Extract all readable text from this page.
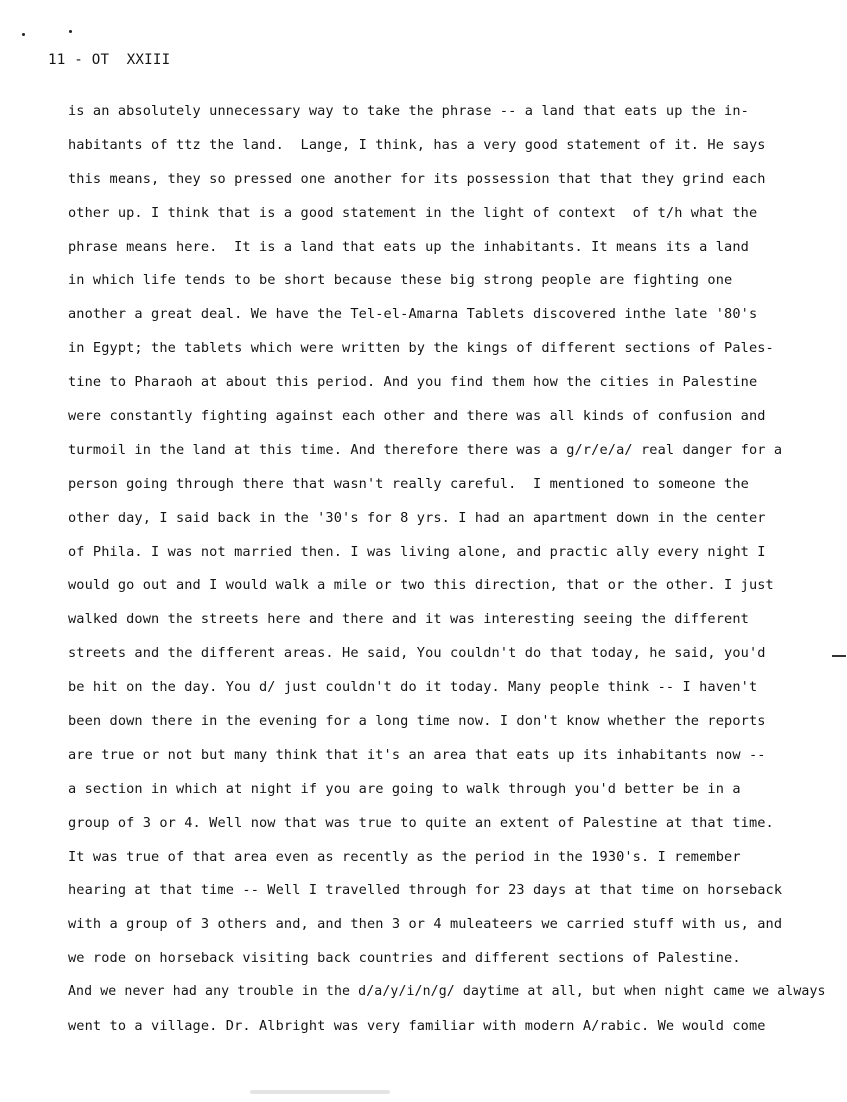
11 - OT  XXIII
is an absolutely unnecessary way to take the phrase -- a land that eats up the in-
habitants of ttz the land.  Lange, I think, has a very good statement of it. He says
this means, they so pressed one another for its possession that that they grind each
other up. I think that is a good statement in the light of context  of t/h what the
phrase means here.  It is a land that eats up the inhabitants. It means its a land
in which life tends to be short because these big strong people are fighting one
another a great deal. We have the Tel-el-Amarna Tablets discovered inthe late '80's
in Egypt; the tablets which were written by the kings of different sections of Pales-
tine to Pharaoh at about this period. And you find them how the cities in Palestine
were constantly fighting against each other and there was all kinds of confusion and
turmoil in the land at this time. And therefore there was a g/r/e/a/ real danger for a
person going through there that wasn't really careful.  I mentioned to someone the
other day, I said back in the '30's for 8 yrs. I had an apartment down in the center
of Phila. I was not married then. I was living alone, and practic ally every night I
would go out and I would walk a mile or two this direction, that or the other. I just
walked down the streets here and there and it was interesting seeing the different
streets and the different areas. He said, You couldn't do that today, he said, you'd
be hit on the day. You d/ just couldn't do it today. Many people think -- I haven't
been down there in the evening for a long time now. I don't know whether the reports
are true or not but many think that it's an area that eats up its inhabitants now --
a section in which at night if you are going to walk through you'd better be in a
group of 3 or 4. Well now that was true to quite an extent of Palestine at that time.
It was true of that area even as recently as the period in the 1930's. I remember
hearing at that time -- Well I travelled through for 23 days at that time on horseback
with a group of 3 others and, and then 3 or 4 muleateers we carried stuff with us, and
we rode on horseback visiting back countries and different sections of Palestine.
And we never had any trouble in the d/a/y/i/n/g/ daytime at all, but when night came we always
went to a village. Dr. Albright was very familiar with modern A/rabic. We would come
